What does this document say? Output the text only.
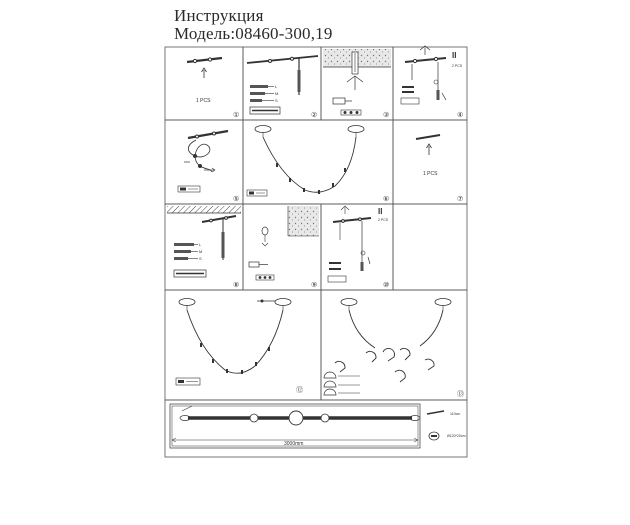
Инструкция
Модель:08460-300,19
1 PCS
L
M
S
II
2 PCS
1 PCS
L
M
S
II
2 PCS
3000mm
110cm
Ø120*20cm
①	②	③	④
⑤	⑥	⑦
⑧	⑨	⑩
⑫
⑬
